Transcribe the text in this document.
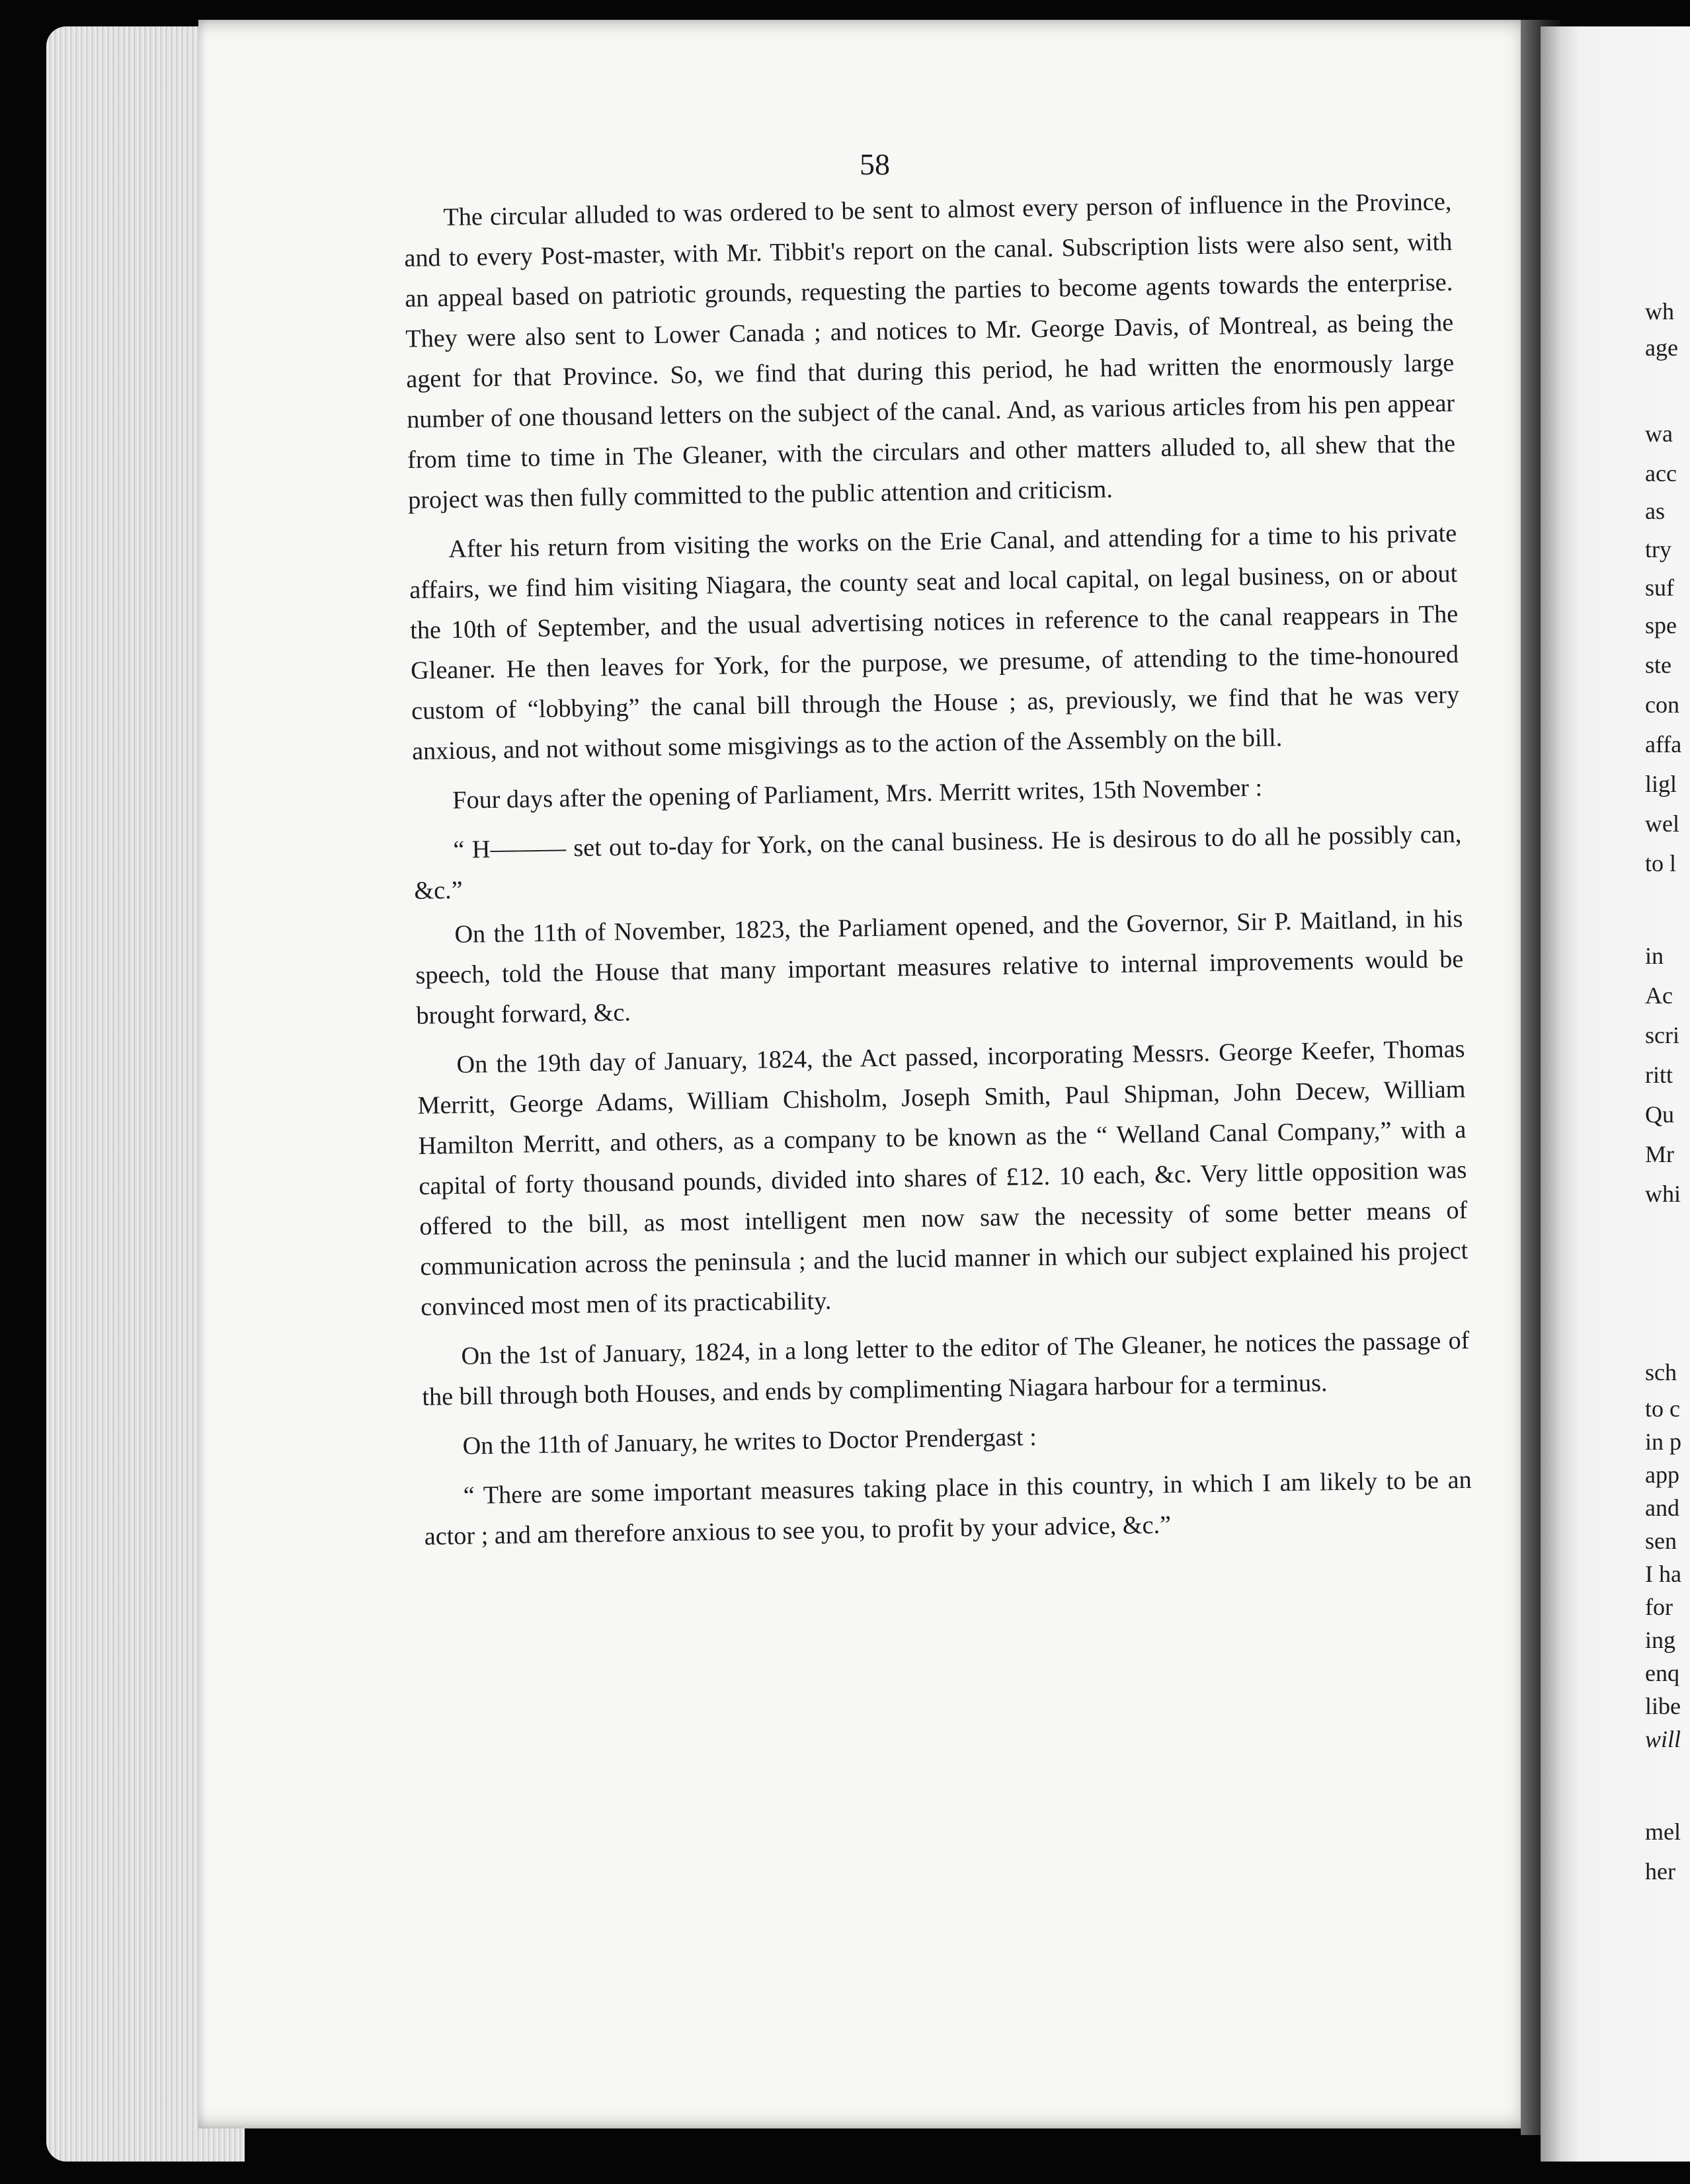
58

The circular alluded to was ordered to be sent to almost every person of influence in the Province, and to every Post-master, with Mr. Tibbit's report on the canal. Subscription lists were also sent, with an appeal based on patriotic grounds, requesting the parties to become agents towards the enterprise. They were also sent to Lower Canada ; and notices to Mr. George Davis, of Montreal, as being the agent for that Province. So, we find that during this period, he had written the enormously large number of one thousand letters on the subject of the canal. And, as various articles from his pen appear from time to time in The Gleaner, with the circulars and other matters alluded to, all shew that the project was then fully committed to the public attention and criticism.

After his return from visiting the works on the Erie Canal, and attending for a time to his private affairs, we find him visiting Niagara, the county seat and local capital, on legal business, on or about the 10th of September, and the usual advertising notices in reference to the canal reappears in The Gleaner. He then leaves for York, for the purpose, we presume, of attending to the time-honoured custom of “lobbying” the canal bill through the House ; as, previously, we find that he was very anxious, and not without some misgivings as to the action of the Assembly on the bill.

Four days after the opening of Parliament, Mrs. Merritt writes, 15th November :

“ H——— set out to-day for York, on the canal business. He is desirous to do all he possibly can, &c.”

On the 11th of November, 1823, the Parliament opened, and the Governor, Sir P. Maitland, in his speech, told the House that many important measures relative to internal improvements would be brought forward, &c.

On the 19th day of January, 1824, the Act passed, incorporating Messrs. George Keefer, Thomas Merritt, George Adams, William Chisholm, Joseph Smith, Paul Shipman, John Decew, William Hamilton Merritt, and others, as a company to be known as the “ Welland Canal Company,” with a capital of forty thousand pounds, divided into shares of £12. 10 each, &c. Very little opposition was offered to the bill, as most intelligent men now saw the necessity of some better means of communication across the peninsula ; and the lucid manner in which our subject explained his project convinced most men of its practicability.

On the 1st of January, 1824, in a long letter to the editor of The Gleaner, he notices the passage of the bill through both Houses, and ends by complimenting Niagara harbour for a terminus.

On the 11th of January, he writes to Doctor Prendergast :

“ There are some important measures taking place in this country, in which I am likely to be an actor ; and am therefore anxious to see you, to profit by your advice, &c.”

wh
age
wa
acc
as
try
suf
spe
ste
con
affa
ligl
wel
to l
in
Ac
scri
ritt
Qu
Mr
whi
sch
to c
in p
app
and
sen
I ha
for
ing
enq
libe
will
mel
her
